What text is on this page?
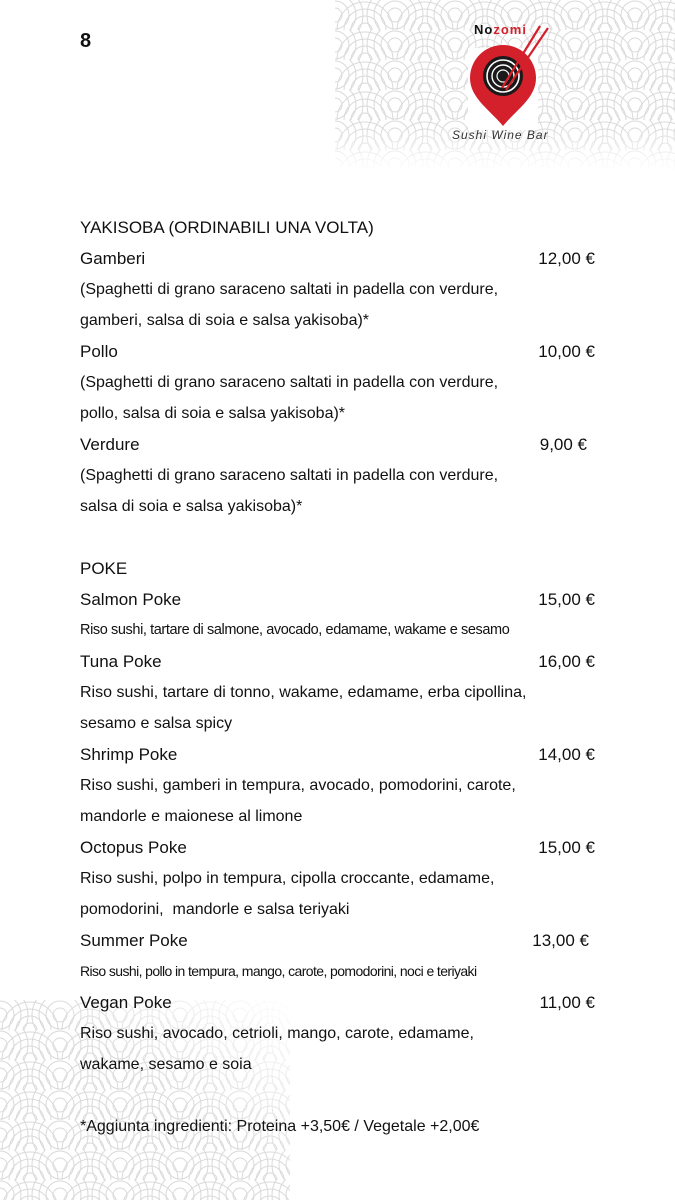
8
Nozomi
Sushi Wine Bar
YAKISOBA (ORDINABILI UNA VOLTA)
Gamberi	12,00 €
(Spaghetti di grano saraceno saltati in padella con verdure,
gamberi, salsa di soia e salsa yakisoba)*
Pollo	10,00 €
(Spaghetti di grano saraceno saltati in padella con verdure,
pollo, salsa di soia e salsa yakisoba)*
Verdure	9,00 €
(Spaghetti di grano saraceno saltati in padella con verdure,
salsa di soia e salsa yakisoba)*
POKE
Salmon Poke	15,00 €
Riso sushi, tartare di salmone, avocado, edamame, wakame e sesamo
Tuna Poke	16,00 €
Riso sushi, tartare di tonno, wakame, edamame, erba cipollina,
sesamo e salsa spicy
Shrimp Poke	14,00 €
Riso sushi, gamberi in tempura, avocado, pomodorini, carote,
mandorle e maionese al limone
Octopus Poke	15,00 €
Riso sushi, polpo in tempura, cipolla croccante, edamame,
pomodorini,  mandorle e salsa teriyaki
Summer Poke	13,00 €
Riso sushi, pollo in tempura, mango, carote, pomodorini, noci e teriyaki
Vegan Poke	11,00 €
Riso sushi, avocado, cetrioli, mango, carote, edamame,
wakame, sesamo e soia
*Aggiunta ingredienti: Proteina +3,50€ / Vegetale +2,00€
